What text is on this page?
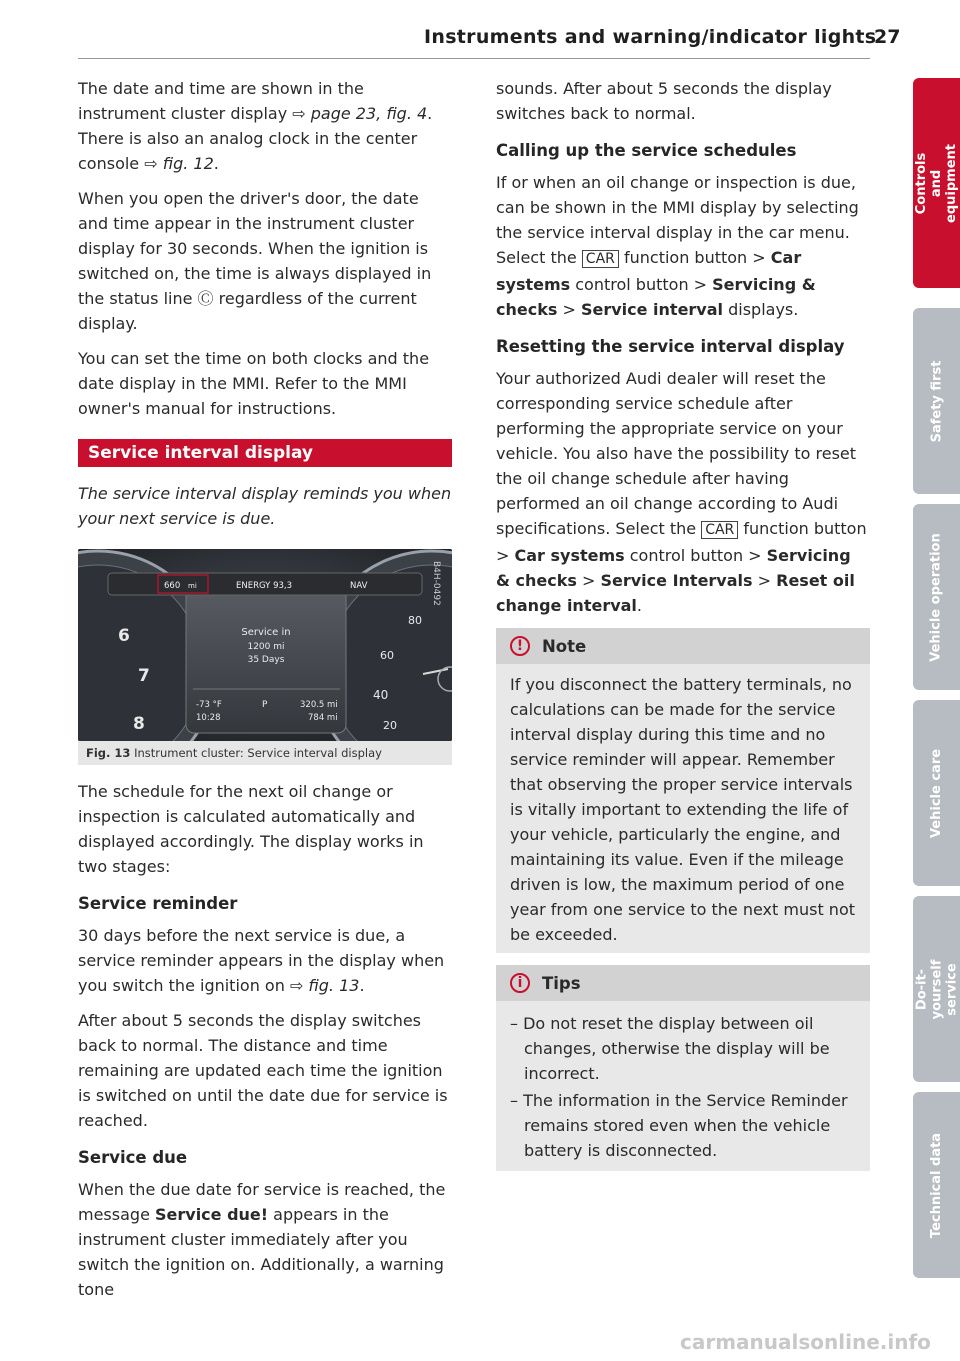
Instruments and warning/indicator lights
27

The date and time are shown in the instrument cluster display ⇨ page 23, fig. 4. There is also an analog clock in the center console ⇨ fig. 12.

When you open the driver's door, the date and time appear in the instrument cluster display for 30 seconds. When the ignition is switched on, the time is always displayed in the status line Ⓒ regardless of the current display.

You can set the time on both clocks and the date display in the MMI. Refer to the MMI owner's manual for instructions.

Service interval display
The service interval display reminds you when your next service is due.
6
7
8
80
60
40
20
B4H-0492
660 mi	ENERGY 93,3	NAV
Service in
1200 mi
35 Days
-73 °F
10:28
P	320.5 mi
784 mi
Fig. 13 Instrument cluster: Service interval display

The schedule for the next oil change or inspection is calculated automatically and displayed accordingly. The display works in two stages:

Service reminder

30 days before the next service is due, a service reminder appears in the display when you switch the ignition on ⇨ fig. 13.

After about 5 seconds the display switches back to normal. The distance and time remaining are updated each time the ignition is switched on until the date due for service is reached.

Service due

When the due date for service is reached, the message Service due! appears in the instrument cluster immediately after you switch the ignition on. Additionally, a warning tone

sounds. After about 5 seconds the display switches back to normal.

Calling up the service schedules

If or when an oil change or inspection is due, can be shown in the MMI display by selecting the service interval display in the car menu. Select the CAR function button > Car systems control button > Servicing & checks > Service interval displays.

Resetting the service interval display

Your authorized Audi dealer will reset the corresponding service schedule after performing the appropriate service on your vehicle. You also have the possibility to reset the oil change schedule after having performed an oil change according to Audi specifications. Select the CAR function button > Car systems control button > Servicing & checks > Service Intervals > Reset oil change interval.

!	Note

If you disconnect the battery terminals, no calculations can be made for the service interval display during this time and no service reminder will appear. Remember that observing the proper service intervals is vitally important to extending the life of your vehicle, particularly the engine, and maintaining its value. Even if the mileage driven is low, the maximum period of one year from one service to the next must not be exceeded.

i	Tips

– Do not reset the display between oil changes, otherwise the display will be incorrect.

– The information in the Service Reminder remains stored even when the vehicle battery is disconnected.

Controls and equipment
Safety first
Vehicle operation
Vehicle care
Do-it-yourself service
Technical data
carmanualsonline.info
